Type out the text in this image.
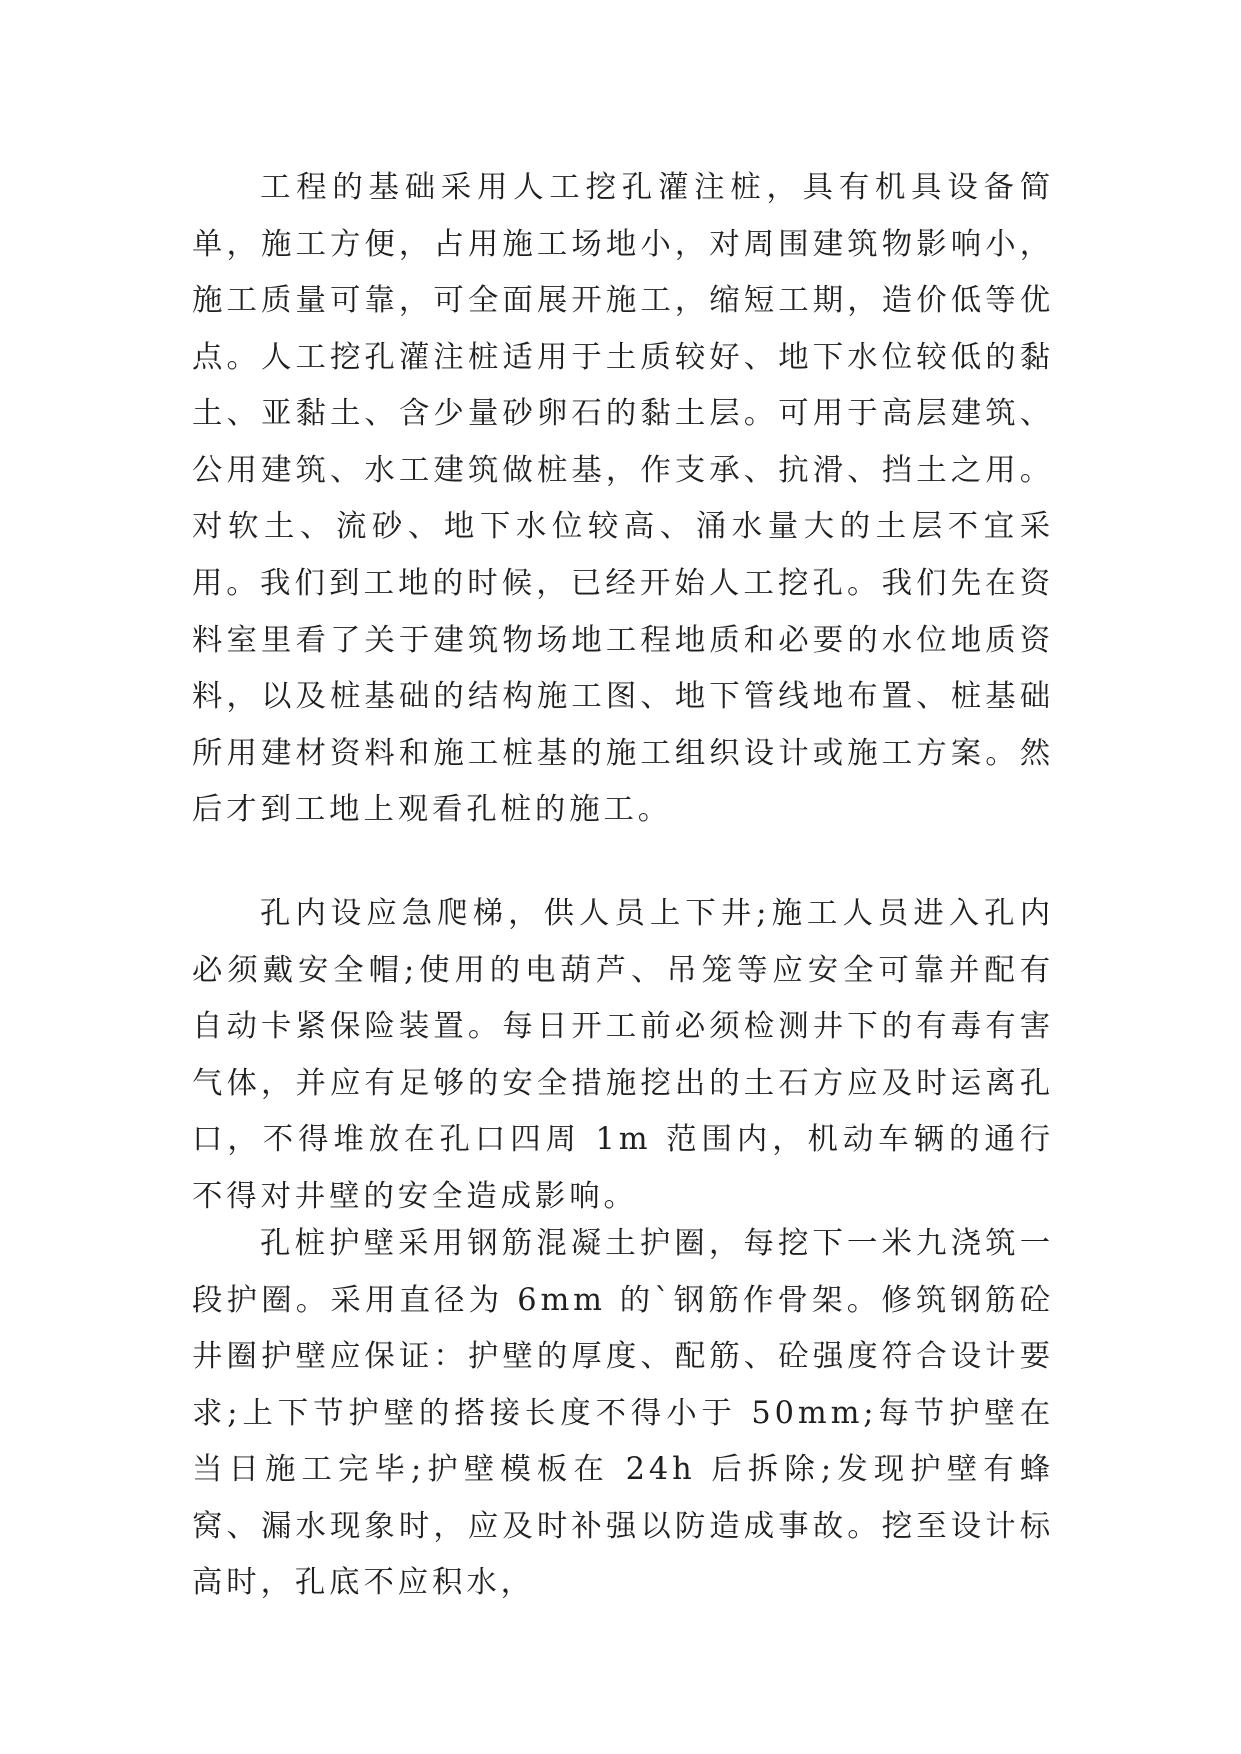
工程的基础采用人工挖孔灌注桩，具有机具设备简单，施工方便，占用施工场地小，对周围建筑物影响小，施工质量可靠，可全面展开施工，缩短工期，造价低等优点。人工挖孔灌注桩适用于土质较好、地下水位较低的黏土、亚黏土、含少量砂卵石的黏土层。可用于高层建筑、公用建筑、水工建筑做桩基，作支承、抗滑、挡土之用。对软土、流砂、地下水位较高、涌水量大的土层不宜采用。 我们到工地的时候，已经开始人工挖孔。我们先在资料室里看了关于建筑物场地工程地质和必要的水位地质资料，以及桩基础的结构施工图、地下管线地布置、桩基础所用建材资料和施工桩基的施工组织设计或施工方案。然后才到工地上观看孔桩的施工。

孔内设应急爬梯，供人员上下井;施工人员进入孔内必须戴安全帽;使用的电葫芦、吊笼等应安全可靠并配有自动卡紧保险装置。每日开工前必须检测井下的有毒有害气体，并应有足够的安全措施挖出的土石方应及时运离孔口，不得堆放在孔口四周 1m 范围内，机动车辆的通行不得对井壁的安全造成影响。

孔桩护壁采用钢筋混凝土护圈，每挖下一米九浇筑一段护圈。采用直径为 6mm 的`钢筋作骨架。修筑钢筋砼井圈护壁应保证：护壁的厚度、配筋、砼强度符合设计要求;上下节护壁的搭接长度不得小于 50mm;每节护壁在当日施工完毕;护壁模板在 24h 后拆除;发现护壁有蜂窝、漏水现象时，应及时补强以防造成事故。挖至设计标高时，孔底不应积水，
